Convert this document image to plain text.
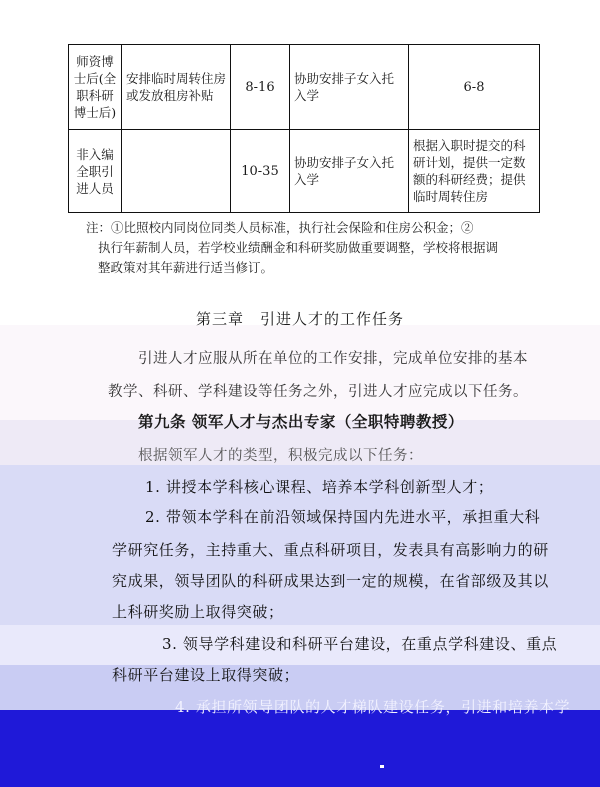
师资博士后(全职科研博士后)	安排临时周转住房或发放租房补贴	8-16	协助安排子女入托入学	6-8
非入编全职引进人员		10-35	协助安排子女入托入学	根据入职时提交的科研计划，提供一定数额的科研经费；提供临时周转住房
注：①比照校内同岗位同类人员标准，执行社会保险和住房公积金；②
执行年薪制人员，若学校业绩酬金和科研奖励做重要调整，学校将根据调
整政策对其年薪进行适当修订。
第三章　引进人才的工作任务
引进人才应服从所在单位的工作安排，完成单位安排的基本
教学、科研、学科建设等任务之外，引进人才应完成以下任务。
第九条 领军人才与杰出专家（全职特聘教授）
根据领军人才的类型，积极完成以下任务：
1. 讲授本学科核心课程、培养本学科创新型人才；
2. 带领本学科在前沿领域保持国内先进水平，承担重大科
学研究任务，主持重大、重点科研项目，发表具有高影响力的研
究成果，领导团队的科研成果达到一定的规模，在省部级及其以
上科研奖励上取得突破；
3. 领导学科建设和科研平台建设，在重点学科建设、重点
科研平台建设上取得突破；
4. 承担所领导团队的人才梯队建设任务，引进和培养本学
